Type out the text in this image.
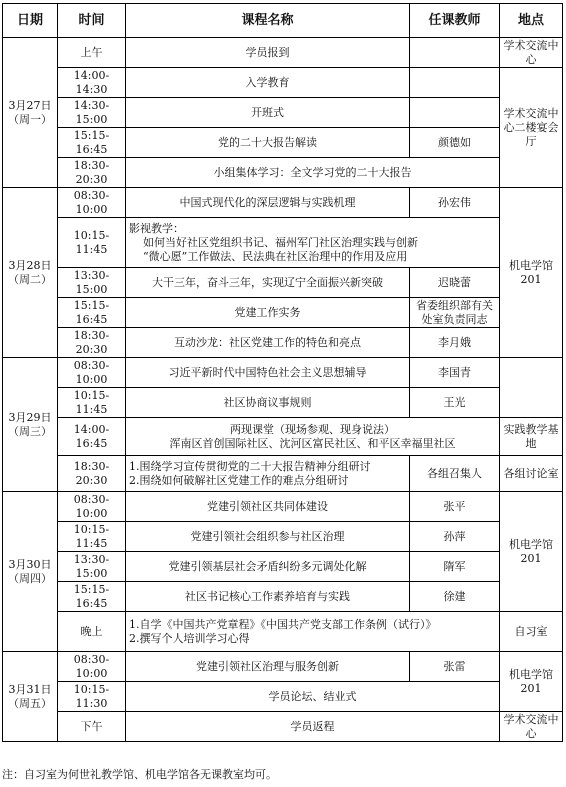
日期	时间	课程名称	任课教师	地点
3月27日
（周一）	上午	学员报到		学术交流中心
	14:00-14:30	入学教育		学术交流中心二楼宴会厅
	14:30-15:00	开班式		
	15:15-16:45	党的二十大报告解读	颜德如	
	18:30-20:30	小组集体学习：全文学习党的二十大报告		
3月28日
（周二）	08:30-10:00	中国式现代化的深层逻辑与实践机理	孙宏伟	机电学馆201
	10:15-11:45	影视教学：
如何当好社区党组织书记、福州军门社区治理实践与创新
“微心愿”工作做法、民法典在社区治理中的作用及应用		

	13:30-15:00	大干三年，奋斗三年，实现辽宁全面振兴新突破	迟晓蕾	
	15:15-16:45	党建工作实务	省委组织部有关处室负责同志	
	18:30-20:30	互动沙龙：社区党建工作的特色和亮点	李月娥	
3月29日
（周三）	08:30-10:00	习近平新时代中国特色社会主义思想辅导	李国青	
	10:15-11:45	社区协商议事规则	王光	
	14:00-16:45	两现课堂（现场参观、现身说法）
浑南区首创国际社区、沈河区富民社区、和平区幸福里社区		实践教学基地
	18:30-20:30	1.围绕学习宣传贯彻党的二十大报告精神分组研讨
2.围绕如何破解社区党建工作的难点分组研讨	各组召集人	各组讨论室
3月30日
（周四）	08:30-10:00	党建引领社区共同体建设	张平	机电学馆201
	10:15-11:45	党建引领社会组织参与社区治理	孙萍	
	13:30-15:00	党建引领基层社会矛盾纠纷多元调处化解	隋军	
	15:15-16:45	社区书记核心工作素养培育与实践	徐建	
	晚上	1.自学《中国共产党章程》《中国共产党支部工作条例（试行）》
2.撰写个人培训学习心得		自习室
3月31日
（周五）	08:30-10:00	党建引领社区治理与服务创新	张雷	机电学馆201
	10:15-11:30	学员论坛、结业式		
	下午	学员返程		学术交流中心
注：自习室为何世礼教学馆、机电学馆各无课教室均可。
